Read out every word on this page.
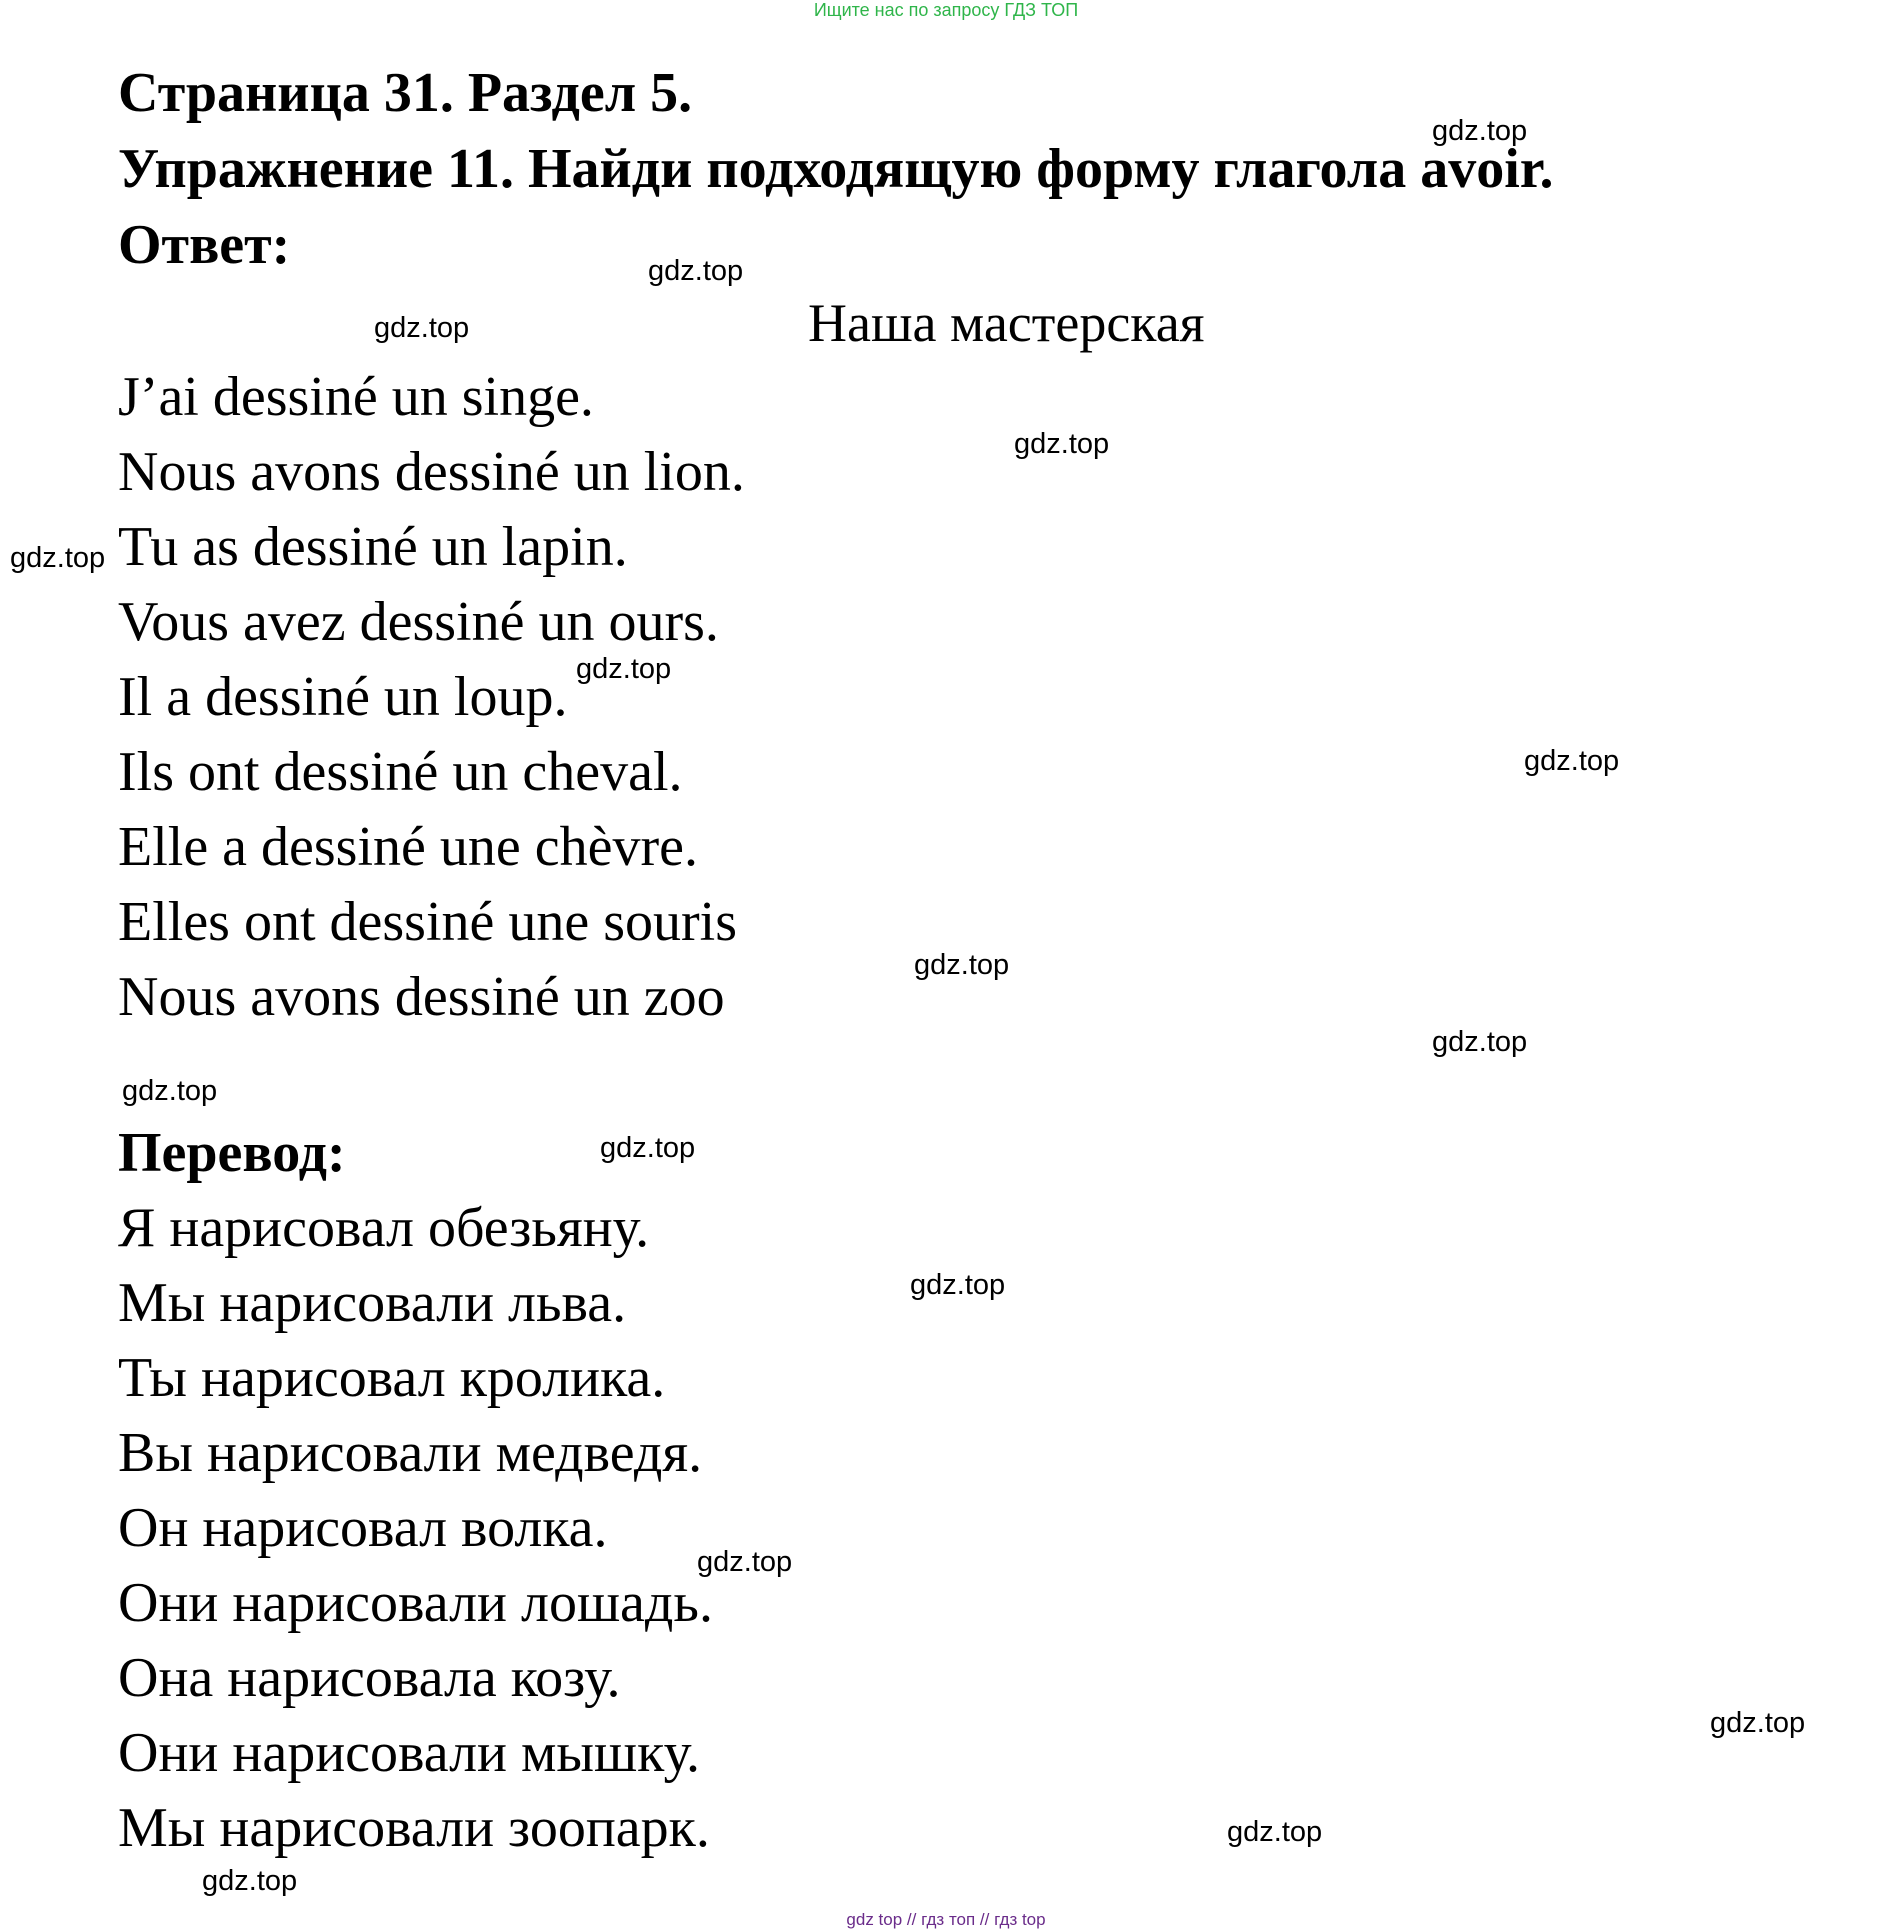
Ищите нас по запросу ГДЗ ТОП
Страница 31. Раздел 5.
Упражнение 11. Найди подходящую форму глагола avoir.
Ответ:
Наша мастерская
J’ai dessiné un singe.
Nous avons dessiné un lion.
Tu as dessiné un lapin.
Vous avez dessiné un ours.
Il a dessiné un loup.
Ils ont dessiné un cheval.
Elle a dessiné une chèvre.
Elles ont dessiné une souris
Nous avons dessiné un zoo
Перевод:
Я нарисовал обезьяну.
Мы нарисовали льва.
Ты нарисовал кролика.
Вы нарисовали медведя.
Он нарисовал волка.
Они нарисовали лошадь.
Она нарисовала козу.
Они нарисовали мышку.
Мы нарисовали зоопарк.
gdz.top
gdz.top
gdz.top
gdz.top
gdz.top
gdz.top
gdz.top
gdz.top
gdz.top
gdz.top
gdz.top
gdz.top
gdz.top
gdz.top
gdz.top
gdz.top
gdz top // гдз топ // гдз top
